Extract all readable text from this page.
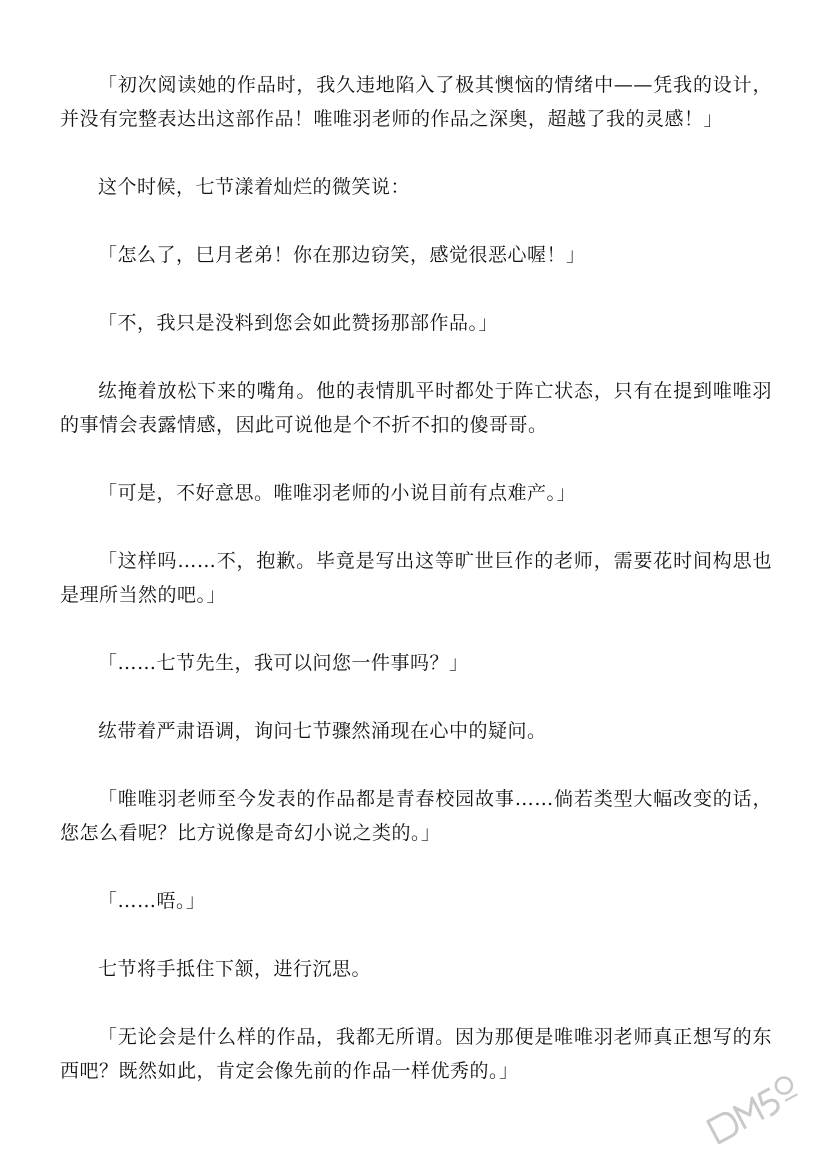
「初次阅读她的作品时，我久违地陷入了极其懊恼的情绪中——凭我的设计，并没有完整表达出这部作品！唯唯羽老师的作品之深奥，超越了我的灵感！」

这个时候，七节漾着灿烂的微笑说：

「怎么了，巳月老弟！你在那边窃笑，感觉很恶心喔！」

「不，我只是没料到您会如此赞扬那部作品。」

纮掩着放松下来的嘴角。他的表情肌平时都处于阵亡状态，只有在提到唯唯羽的事情会表露情感，因此可说他是个不折不扣的傻哥哥。

「可是，不好意思。唯唯羽老师的小说目前有点难产。」

「这样吗……不，抱歉。毕竟是写出这等旷世巨作的老师，需要花时间构思也是理所当然的吧。」

「……七节先生，我可以问您一件事吗？」

纮带着严肃语调，询问七节骤然涌现在心中的疑问。

「唯唯羽老师至今发表的作品都是青春校园故事……倘若类型大幅改变的话，您怎么看呢？比方说像是奇幻小说之类的。」

「……唔。」

七节将手抵住下颔，进行沉思。

「无论会是什么样的作品，我都无所谓。因为那便是唯唯羽老师真正想写的东西吧？既然如此，肯定会像先前的作品一样优秀的。」
